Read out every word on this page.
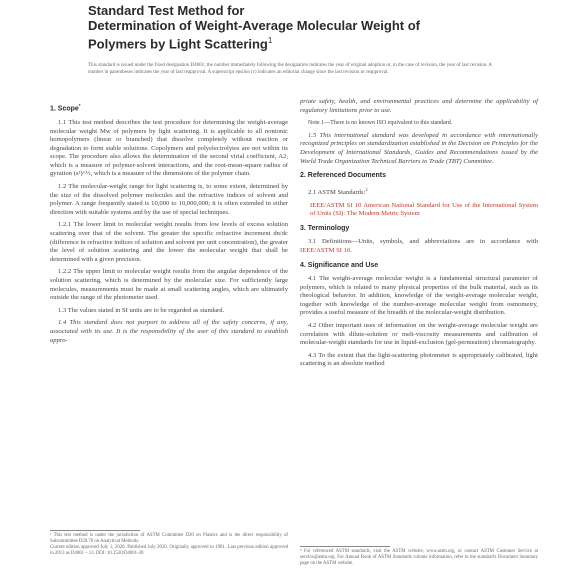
Standard Test Method for
Determination of Weight-Average Molecular Weight of
Polymers by Light Scattering$^1$
This standard is issued under the fixed designation D4001; the number immediately following the designation indicates the year of original adoption or, in the case of revision, the year of last revision. A number in parentheses indicates the year of last reapproval. A superscript epsilon (ε) indicates an editorial change since the last revision or reapproval.
1. Scope*

1.1 This test method describes the test procedure for determining the weight-average molecular weight Mw of polymers by light scattering. It is applicable to all nonionic homopolymers (linear or branched) that dissolve completely without reaction or degradation to form stable solutions. Copolymers and polyelectrolytes are not within its scope. The procedure also allows the determination of the second virial coefficient, A2, which is a measure of polymer-solvent interactions, and the root-mean-square radius of gyration (s²)^½, which is a measure of the dimensions of the polymer chain.

1.2 The molecular-weight range for light scattering is, to some extent, determined by the size of the dissolved polymer molecules and the refractive indices of solvent and polymer. A range frequently stated is 10,000 to 10,000,000; it is often extended in either direction with suitable systems and by the use of special techniques.

1.2.1 The lower limit to molecular weight results from low levels of excess solution scattering over that of the solvent. The greater the specific refractive increment dn/dc (difference in refractive indices of solution and solvent per unit concentration), the greater the level of solution scattering and the lower the molecular weight that shall be determined with a given precision.

1.2.2 The upper limit to molecular weight results from the angular dependence of the solution scattering, which is determined by the molecular size. For sufficiently large molecules, measurements must be made at small scattering angles, which are ultimately outside the range of the photometer used.

1.3 The values stated in SI units are to be regarded as standard.

1.4 This standard does not purport to address all of the safety concerns, if any, associated with its use. It is the responsibility of the user of this standard to establish appro-

priate safety, health, and environmental practices and determine the applicability of regulatory limitations prior to use.

Note 1—There is no known ISO equivalent to this standard.

1.5 This international standard was developed in accordance with internationally recognized principles on standardization established in the Decision on Principles for the Development of International Standards, Guides and Recommendations issued by the World Trade Organization Technical Barriers to Trade (TBT) Committee.

2. Referenced Documents

2.1 ASTM Standards:$^2$

IEEE/ASTM SI 10 American National Standard for Use of the International System of Units (SI): The Modern Metric System

3. Terminology

3.1 Definitions—Units, symbols, and abbreviations are in accordance with IEEE/ASTM SI 10.

4. Significance and Use

4.1 The weight-average molecular weight is a fundamental structural parameter of polymers, which is related to many physical properties of the bulk material, such as its rheological behavior. In addition, knowledge of the weight-average molecular weight, together with knowledge of the number-average molecular weight from osmometry, provides a useful measure of the breadth of the molecular-weight distribution.

4.2 Other important uses of information on the weight-average molecular weight are correlation with dilute-solution or melt-viscosity measurements and calibration of molecular-weight standards for use in liquid-exclusion (gel-permeation) chromatography.

4.3 To the extent that the light-scattering photometer is appropriately calibrated, light scattering is an absolute method

¹ This test method is under the jurisdiction of ASTM Committee D20 on Plastics and is the direct responsibility of Subcommittee D20.70 on Analytical Methods.
Current edition approved July 1, 2020. Published July 2020. Originally approved in 1981. Last previous edition approved in 2013 as D4001 – 13. DOI: 10.1520/D4001-20.	² For referenced ASTM standards, visit the ASTM website, www.astm.org, or contact ASTM Customer Service at service@astm.org. For Annual Book of ASTM Standards volume information, refer to the standard's Document Summary page on the ASTM website.
